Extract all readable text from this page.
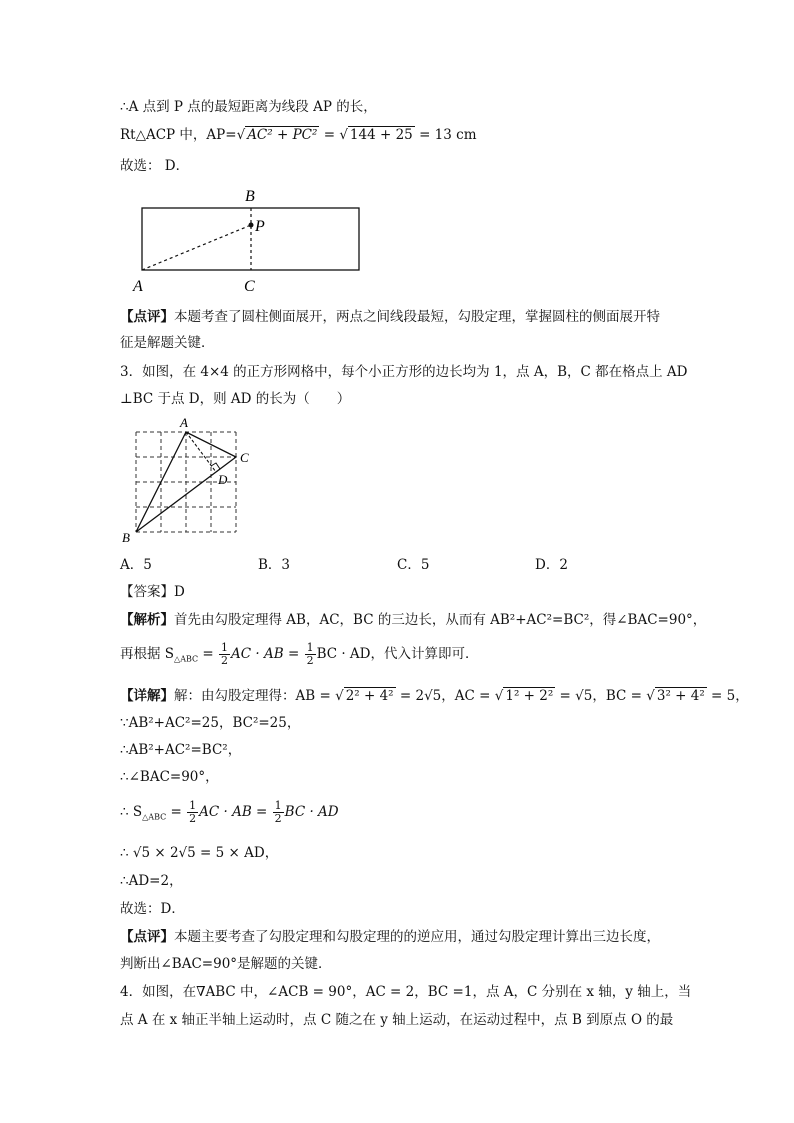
∴A 点到 P 点的最短距离为线段 AP 的长，
Rt△ACP 中，AP=√ AC² + PC² = √ 144 + 25 = 13 cm
故选： D．
B
P
A	C
【点评】本题考查了圆柱侧面展开，两点之间线段最短，勾股定理，掌握圆柱的侧面展开特
征是解题关键．
3．如图，在 4×4 的正方形网格中，每个小正方形的边长均为 1，点 A，B，C 都在格点上 AD
⊥BC 于点 D，则 AD 的长为（　　）
A
C
D
B
A．5	B．3	C．5	D．2
【答案】D
【解析】首先由勾股定理得 AB，AC，BC 的三边长，从而有 AB²+AC²=BC²，得∠BAC=90°，
再根据 $S_{\triangle ABC} = \frac{1}{2}$ AC · AB = $\frac{1}{2}$ BC · AD，代入计算即可．
【详解】解：由勾股定理得：AB = √ 2² + 4² = 2√5，AC = √ 1² + 2² = √5，BC = √ 3² + 4² = 5，
∵AB²+AC²=25，BC²=25，
∴AB²+AC²=BC²，
∴∠BAC=90°，
∴ $S_{\triangle ABC} = \frac{1}{2}$ AC · AB = $\frac{1}{2}$ BC · AD
∴ √5 × 2√5 = 5 × AD，
∴AD=2，
故选：D．
【点评】本题主要考查了勾股定理和勾股定理的的逆应用，通过勾股定理计算出三边长度，
判断出∠BAC=90°是解题的关键．
4．如图，在∇ABC 中，∠ACB = 90°，AC = 2，BC =1，点 A，C 分别在 x 轴，y 轴上，当
点 A 在 x 轴正半轴上运动时，点 C 随之在 y 轴上运动，在运动过程中，点 B 到原点 O 的最
